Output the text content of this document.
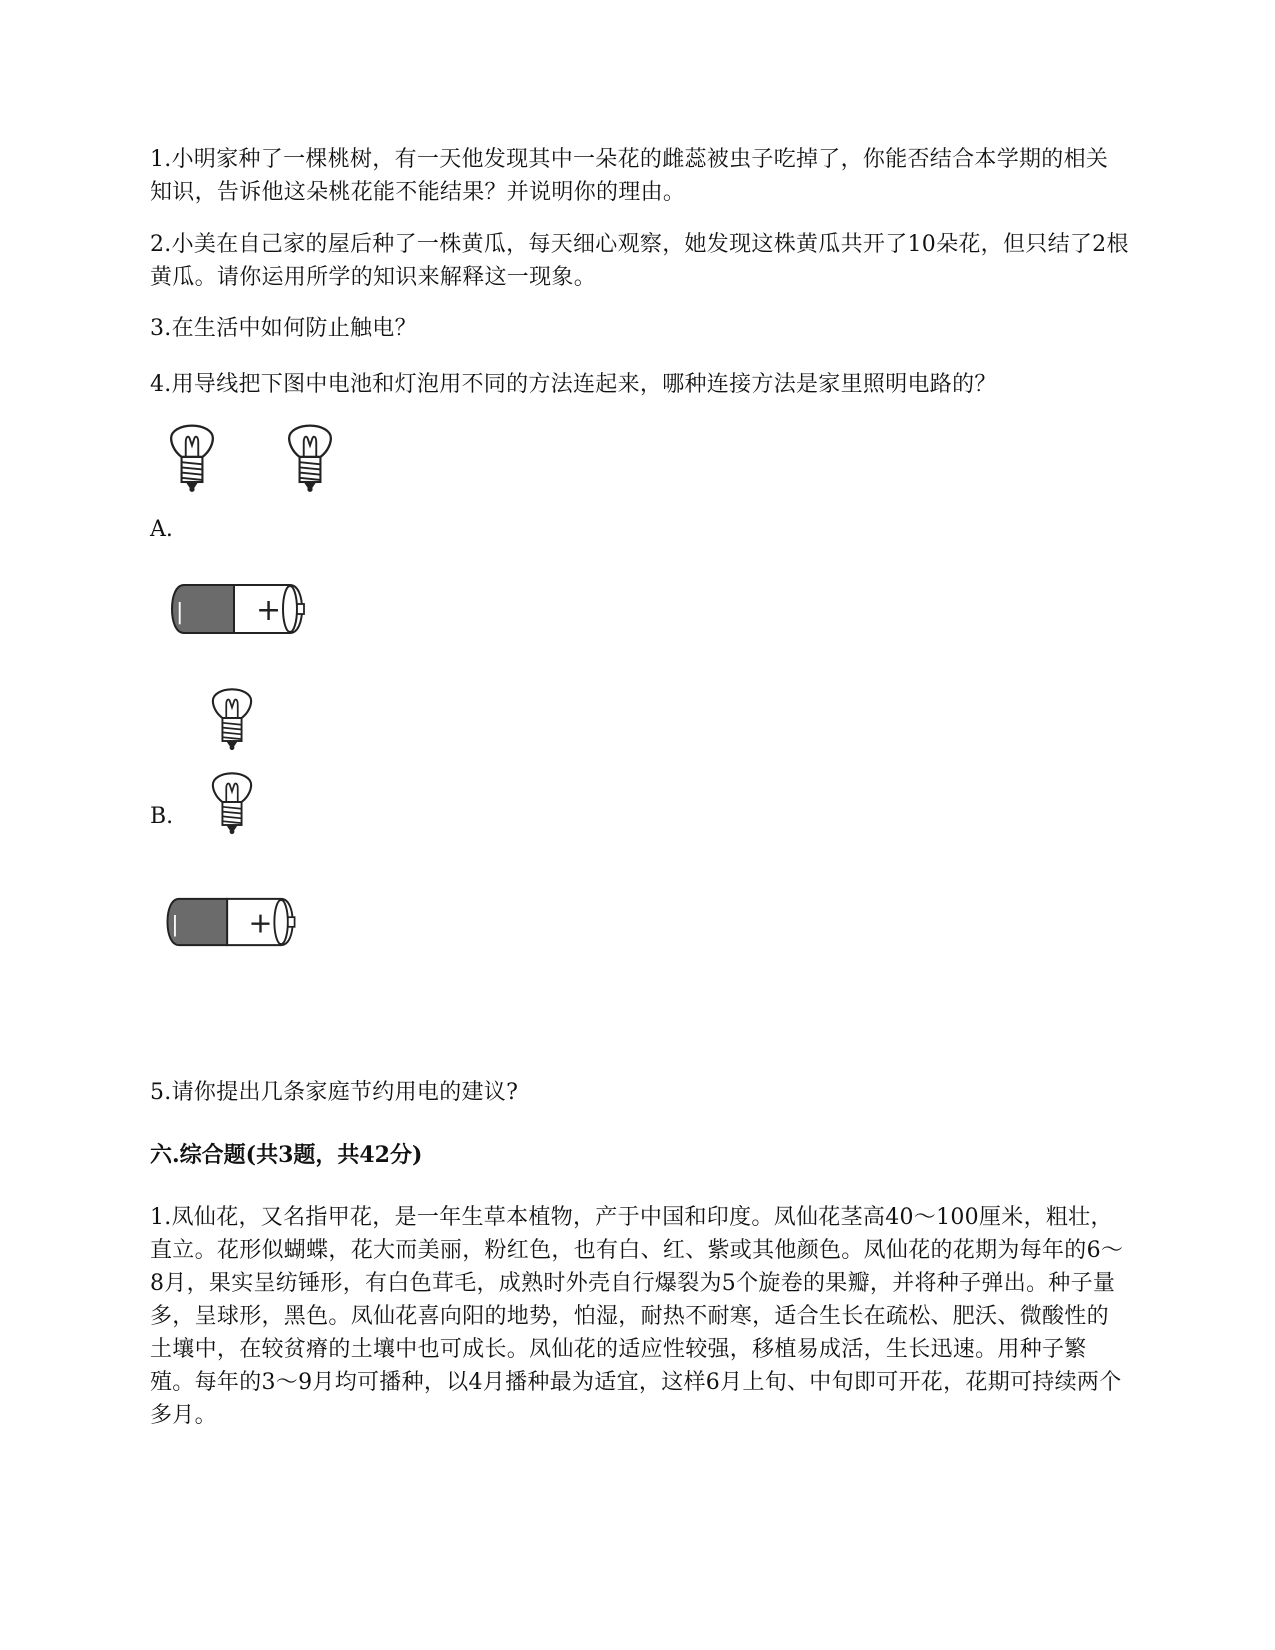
1.小明家种了一棵桃树，有一天他发现其中一朵花的雌蕊被虫子吃掉了，你能否结合本学期的相关知识，告诉他这朵桃花能不能结果？并说明你的理由。
2.小美在自己家的屋后种了一株黄瓜，每天细心观察，她发现这株黄瓜共开了10朵花，但只结了2根黄瓜。请你运用所学的知识来解释这一现象。
3.在生活中如何防止触电？
4.用导线把下图中电池和灯泡用不同的方法连起来，哪种连接方法是家里照明电路的？
A.
| +
B.
| +
5.请你提出几条家庭节约用电的建议?
六.综合题(共3题，共42分)
1.凤仙花，又名指甲花，是一年生草本植物，产于中国和印度。凤仙花茎高40～100厘米，粗壮，直立。花形似蝴蝶，花大而美丽，粉红色，也有白、红、紫或其他颜色。凤仙花的花期为每年的6～8月，果实呈纺锤形，有白色茸毛，成熟时外壳自行爆裂为5个旋卷的果瓣，并将种子弹出。种子量多，呈球形，黑色。凤仙花喜向阳的地势，怕湿，耐热不耐寒，适合生长在疏松、肥沃、微酸性的土壤中，在较贫瘠的土壤中也可成长。凤仙花的适应性较强，移植易成活，生长迅速。用种子繁殖。每年的3～9月均可播种，以4月播种最为适宜，这样6月上旬、中旬即可开花，花期可持续两个多月。
